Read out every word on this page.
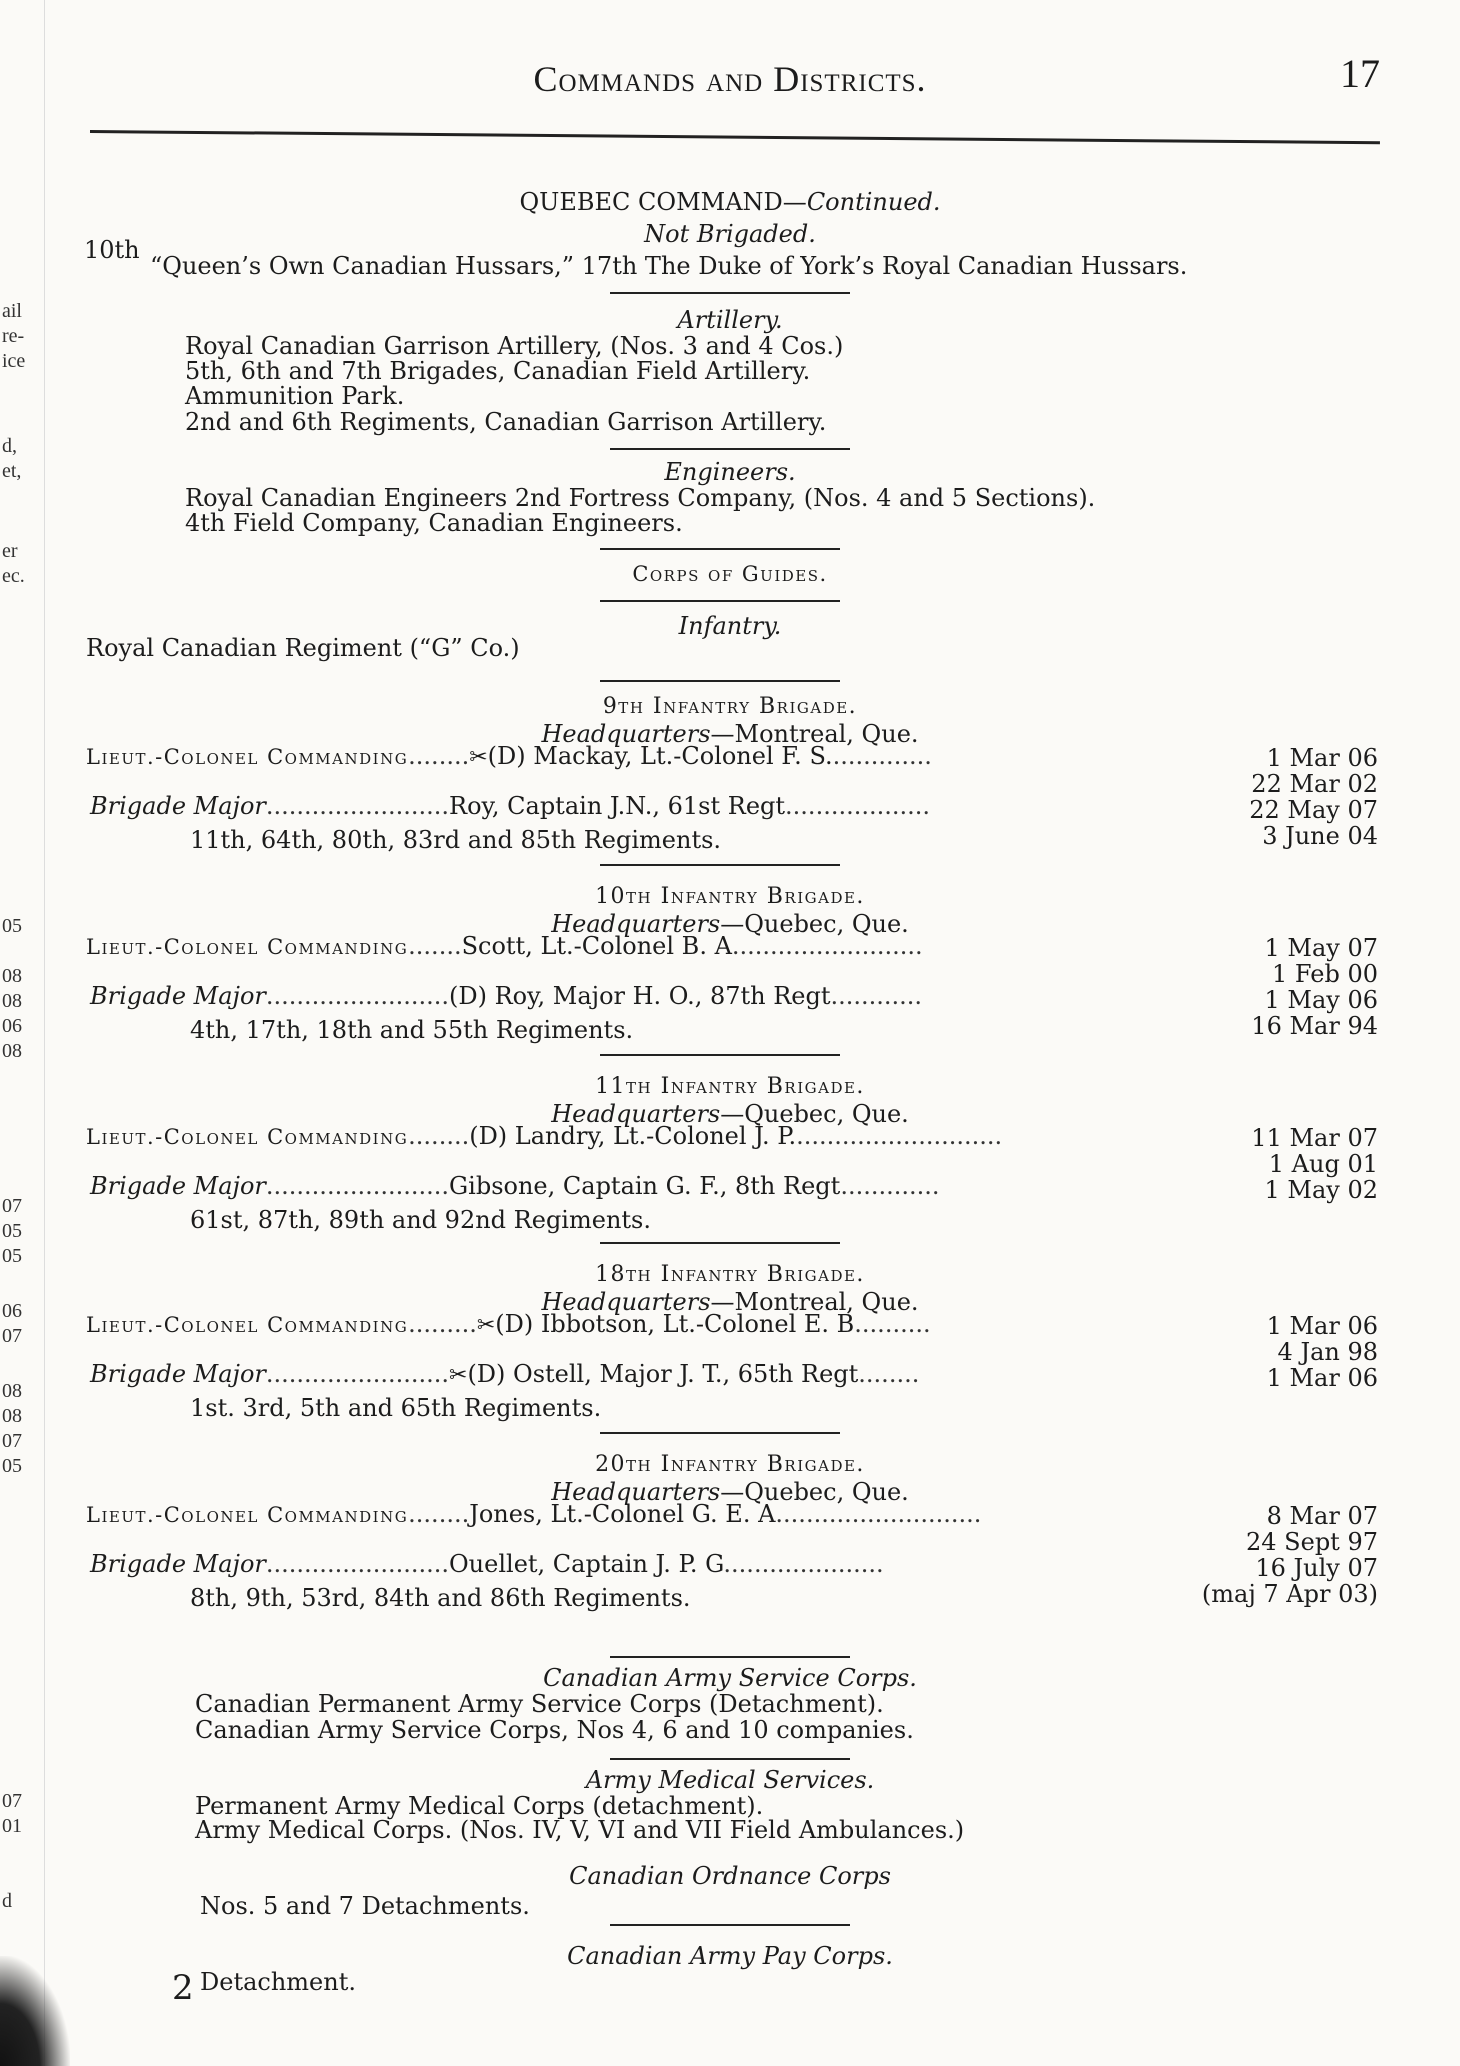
ail
re-
ice
d,
et,
er
ec.
05
08
08
06
08
07
05
05
06
07
08
08
07
05
07
01
d
Commands and Districts.	17
QUEBEC COMMAND—Continued.
Not Brigaded.
10th
“Queen’s Own Canadian Hussars,” 17th The Duke of York’s Royal Canadian Hussars.
Artillery.
Royal Canadian Garrison Artillery, (Nos. 3 and 4 Cos.)
5th, 6th and 7th Brigades, Canadian Field Artillery.
Ammunition Park.
2nd and 6th Regiments, Canadian Garrison Artillery.
Engineers.
Royal Canadian Engineers 2nd Fortress Company, (Nos. 4 and 5 Sections).
4th Field Company, Canadian Engineers.
Corps of Guides.
Infantry.
Royal Canadian Regiment (“G” Co.)
9th Infantry Brigade.
Headquarters—Montreal, Que.
Lieut.-Colonel Commanding........✂(D) Mackay, Lt.-Colonel F. S..............
Brigade Major........................Roy, Captain J.N., 61st Regt...................
1 Mar 06
22 Mar 02
22 May 07
3 June 04
11th, 64th, 80th, 83rd and 85th Regiments.
10th Infantry Brigade.
Headquarters—Quebec, Que.
Lieut.-Colonel Commanding.......Scott, Lt.-Colonel B. A.........................
Brigade Major........................(D) Roy, Major H. O., 87th Regt............
1 May 07
1 Feb 00
1 May 06
16 Mar 94
4th, 17th, 18th and 55th Regiments.
11th Infantry Brigade.
Headquarters—Quebec, Que.
Lieut.-Colonel Commanding........(D) Landry, Lt.-Colonel J. P............................
Brigade Major........................Gibsone, Captain G. F., 8th Regt.............
11 Mar 07
1 Aug 01
1 May 02
61st, 87th, 89th and 92nd Regiments.
18th Infantry Brigade.
Headquarters—Montreal, Que.
Lieut.-Colonel Commanding.........✂(D) Ibbotson, Lt.-Colonel E. B..........
Brigade Major........................✂(D) Ostell, Major J. T., 65th Regt........
1 Mar 06
4 Jan 98
1 Mar 06
1st. 3rd, 5th and 65th Regiments.
20th Infantry Brigade.
Headquarters—Quebec, Que.
Lieut.-Colonel Commanding........Jones, Lt.-Colonel G. E. A...........................
Brigade Major........................Ouellet, Captain J. P. G.....................
8 Mar 07
24 Sept 97
16 July 07
(maj 7 Apr 03)
8th, 9th, 53rd, 84th and 86th Regiments.
Canadian Army Service Corps.
Canadian Permanent Army Service Corps (Detachment).
Canadian Army Service Corps, Nos 4, 6 and 10 companies.
Army Medical Services.
Permanent Army Medical Corps (detachment).
Army Medical Corps. (Nos. IV, V, VI and VII Field Ambulances.)
Canadian Ordnance Corps
Nos. 5 and 7 Detachments.
Canadian Army Pay Corps.
Detachment.
2
